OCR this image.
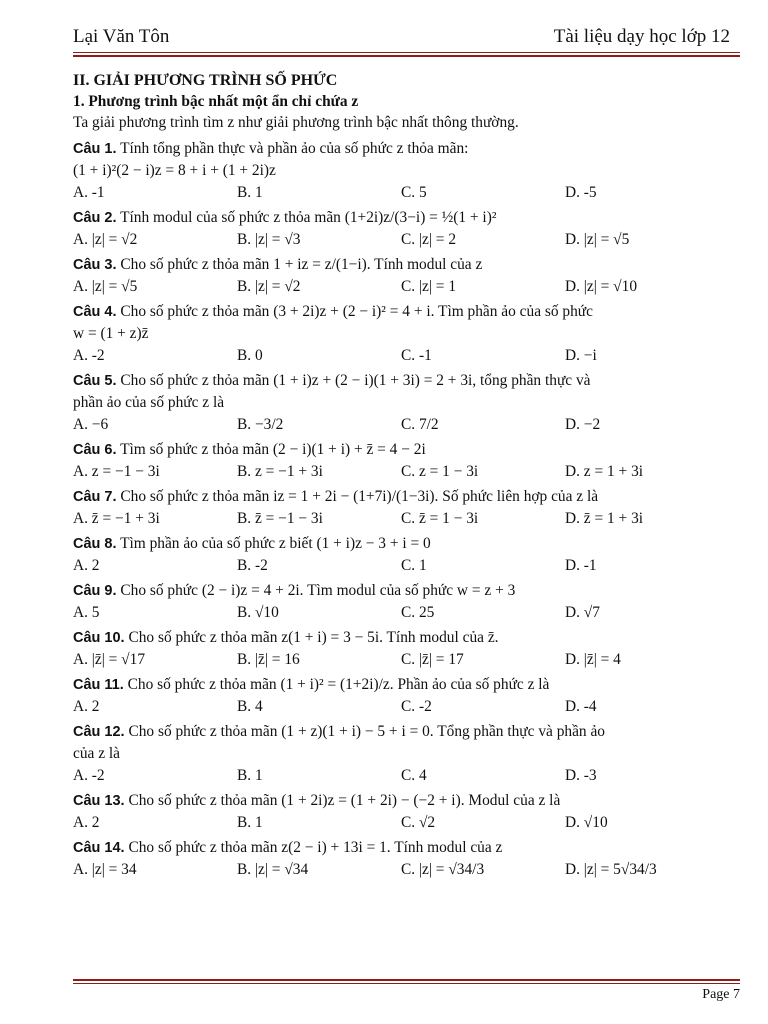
Lại Văn Tôn	Tài liệu dạy học lớp 12

II. GIẢI PHƯƠNG TRÌNH SỐ PHỨC

1. Phương trình bậc nhất một ẩn chỉ chứa z

Ta giải phương trình tìm z như giải phương trình bậc nhất thông thường.

Câu 1. Tính tổng phần thực và phần ảo của số phức z thỏa mãn:

(1 + i)²(2 − i)z = 8 + i + (1 + 2i)z

A. -1	B. 1	C. 5	D. -5

Câu 2. Tính modul của số phức z thỏa mãn (1+2i)z/(3−i) = ½(1 + i)²

A. |z| = √2	B. |z| = √3	C. |z| = 2	D. |z| = √5

Câu 3. Cho số phức z thỏa mãn 1 + iz = z/(1−i). Tính modul của z

A. |z| = √5	B. |z| = √2	C. |z| = 1	D. |z| = √10

Câu 4. Cho số phức z thỏa mãn (3 + 2i)z + (2 − i)² = 4 + i. Tìm phần ảo của số phức

w = (1 + z)z̄

A. -2	B. 0	C. -1	D. −i

Câu 5. Cho số phức z thỏa mãn (1 + i)z + (2 − i)(1 + 3i) = 2 + 3i, tổng phần thực và

phần ảo của số phức z là

A. −6	B. −3/2	C. 7/2	D. −2

Câu 6. Tìm số phức z thỏa mãn (2 − i)(1 + i) + z̄ = 4 − 2i

A. z = −1 − 3i	B. z = −1 + 3i	C. z = 1 − 3i	D. z = 1 + 3i

Câu 7. Cho số phức z thỏa mãn iz = 1 + 2i − (1+7i)/(1−3i). Số phức liên hợp của z là

A. z̄ = −1 + 3i	B. z̄ = −1 − 3i	C. z̄ = 1 − 3i	D. z̄ = 1 + 3i

Câu 8. Tìm phần ảo của số phức z biết (1 + i)z − 3 + i = 0

A. 2	B. -2	C. 1	D. -1

Câu 9. Cho số phức (2 − i)z = 4 + 2i. Tìm modul của số phức w = z + 3

A. 5	B. √10	C. 25	D. √7

Câu 10. Cho số phức z thỏa mãn z(1 + i) = 3 − 5i. Tính modul của z̄.

A. |z̄| = √17	B. |z̄| = 16	C. |z̄| = 17	D. |z̄| = 4

Câu 11. Cho số phức z thỏa mãn (1 + i)² = (1+2i)/z. Phần ảo của số phức z là

A. 2	B. 4	C. -2	D. -4

Câu 12. Cho số phức z thỏa mãn (1 + z)(1 + i) − 5 + i = 0. Tổng phần thực và phần ảo

của z là

A. -2	B. 1	C. 4	D. -3

Câu 13. Cho số phức z thỏa mãn (1 + 2i)z = (1 + 2i) − (−2 + i). Modul của z là

A. 2	B. 1	C. √2	D. √10

Câu 14. Cho số phức z thỏa mãn z(2 − i) + 13i = 1. Tính modul của z

A. |z| = 34	B. |z| = √34	C. |z| = √34/3	D. |z| = 5√34/3
Page 7
